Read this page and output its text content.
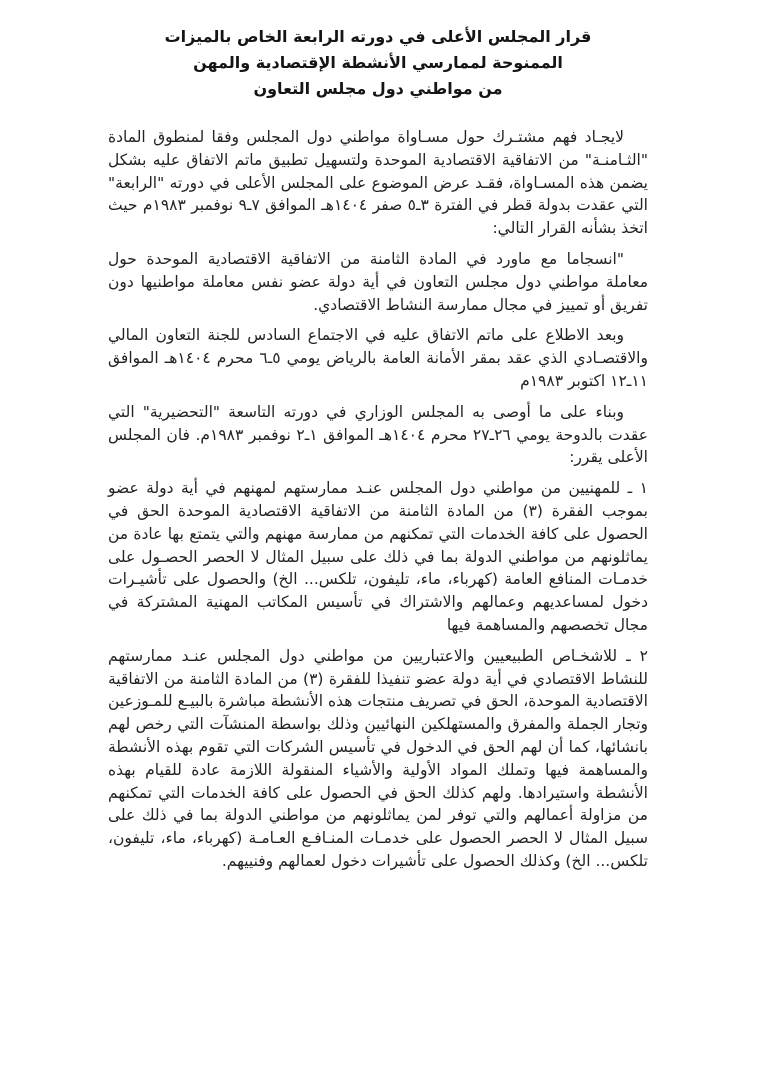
قرار المجلس الأعلى في دورته الرابعة الخاص بالميزات
الممنوحة لممارسي الأنشطة الإقتصادية والمهن
من مواطني دول مجلس التعاون

لايجـاد فهم مشتـرك حول مسـاواة مواطني دول المجلس وفقا لمنطوق المادة "الثـامنـة" من الاتفاقية الاقتصادية الموحدة ولتسهيل تطبيق ماتم الاتفاق عليه بشكل يضمن هذه المسـاواة، فقـد عرض الموضوع على المجلس الأعلى في دورته "الرابعة" التي عقدت بدولة قطر في الفترة ٣ـ٥ صفر ١٤٠٤هـ الموافق ٧ـ٩ نوفمبر ١٩٨٣م حيث اتخذ بشأنه القرار التالي:

"انسجاما مع ماورد في المادة الثامنة من الاتفاقية الاقتصادية الموحدة حول معاملة مواطني دول مجلس التعاون في أية دولة عضو نفس معاملة مواطنيها دون تفريق أو تمييز في مجال ممارسة النشاط الاقتصادي.

وبعد الاطلاع على ماتم الاتفاق عليه في الاجتماع السادس للجنة التعاون المالي والاقتصـادي الذي عقد بمقر الأمانة العامة بالرياض يومي ٥ـ٦ محرم ١٤٠٤هـ الموافق ١١ـ١٢ اكتوبر ١٩٨٣م

وبناء على ما أوصى به المجلس الوزاري في دورته التاسعة "التحضيرية" التي عقدت بالدوحة يومي ٢٦ـ٢٧ محرم ١٤٠٤هـ الموافق ١ـ٢ نوفمبر ١٩٨٣م. فان المجلس الأعلى يقرر:

١ ـ للمهنيين من مواطني دول المجلس عنـد ممارستهم لمهنهم في أية دولة عضو بموجب الفقرة (٣) من المادة الثامنة من الاتفاقية الاقتصادية الموحدة الحق في الحصول على كافة الخدمات التي تمكنهم من ممارسة مهنهم والتي يتمتع بها عادة من يماثلونهم من مواطني الدولة بما في ذلك على سبيل المثال لا الحصر الحصـول على خدمـات المنافع العامة (كهرباء، ماء، تليفون، تلكس... الخ) والحصول على تأشيـرات دخول لمساعديهم وعمالهم والاشتراك في تأسيس المكاتب المهنية المشتركة في مجال تخصصهم والمساهمة فيها

٢ ـ للاشخـاص الطبيعيين والاعتباريين من مواطني دول المجلس عنـد ممارستهم للنشاط الاقتصادي في أية دولة عضو تنفيذا للفقرة (٣) من المادة الثامنة من الاتفاقية الاقتصادية الموحدة، الحق في تصريف منتجات هذه الأنشطة مباشرة بالبيـع للمـوزعين وتجار الجملة والمفرق والمستهلكين النهائيين وذلك بواسطة المنشآت التي رخص لهم بانشائها، كما أن لهم الحق في الدخول في تأسيس الشركات التي تقوم بهذه الأنشطة والمساهمة فيها وتملك المواد الأولية والأشياء المنقولة اللازمة عادة للقيام بهذه الأنشطة واستيرادها. ولهم كذلك الحق في الحصول على كافة الخدمات التي تمكنهم من مزاولة أعمالهم والتي توفر لمن يماثلونهم من مواطني الدولة بما في ذلك على سبيل المثال لا الحصر الحصول على خدمـات المنـافـع العـامـة (كهرباء، ماء، تليفون، تلكس... الخ) وكذلك الحصول على تأشيرات دخول لعمالهم وفنييهم.
